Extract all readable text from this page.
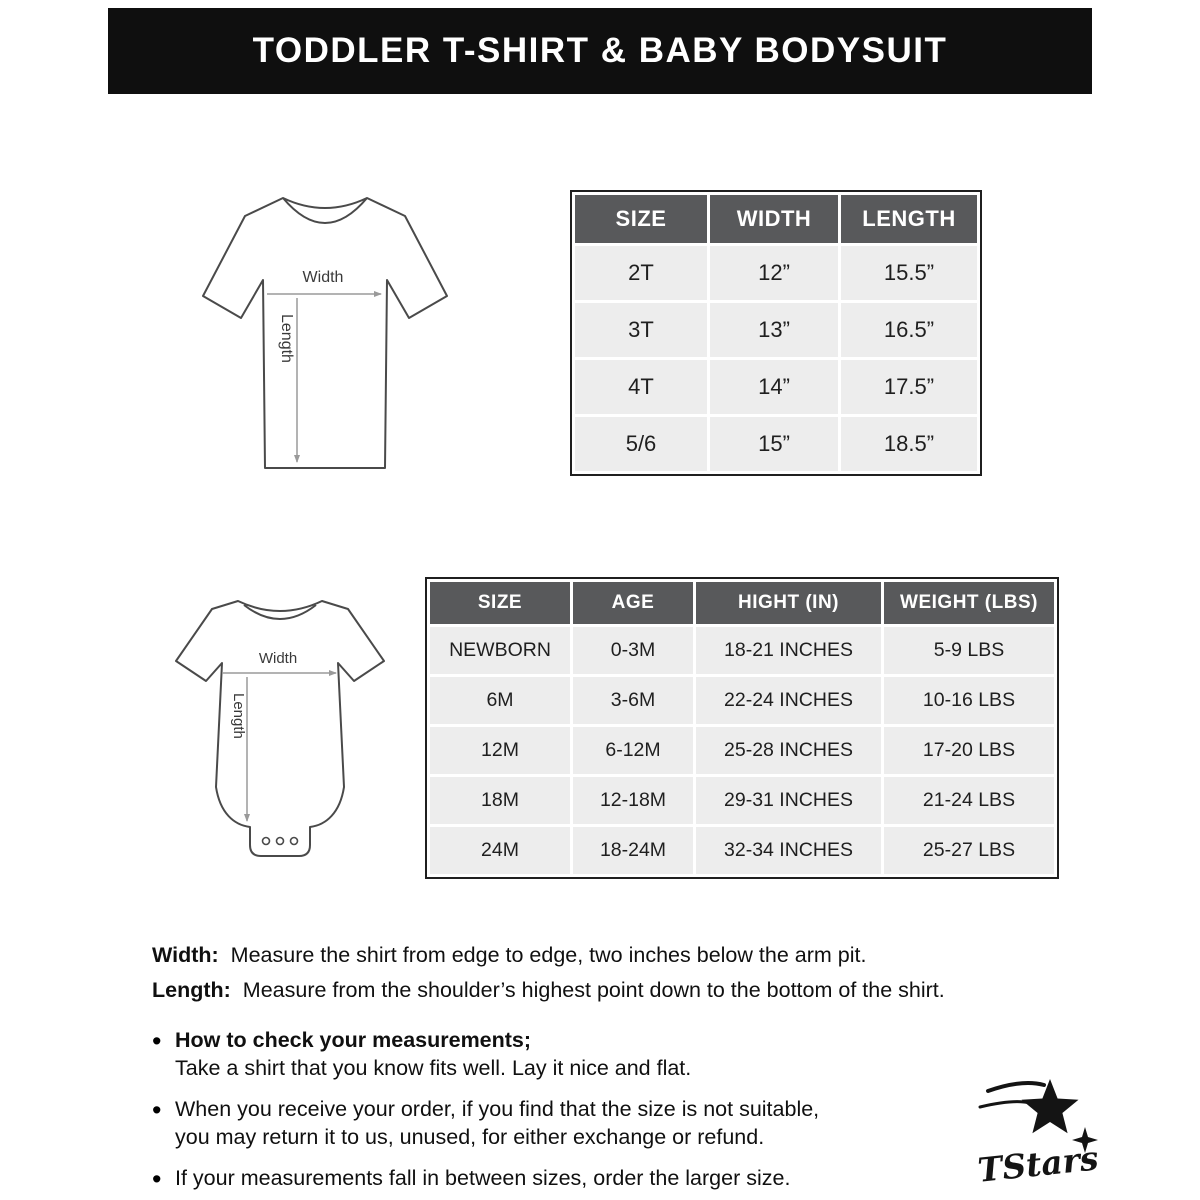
TODDLER T-SHIRT & BABY BODYSUIT
Width
Length
SIZE	WIDTH	LENGTH
2T	12”	15.5”
3T	13”	16.5”
4T	14”	17.5”
5/6	15”	18.5”
Width
Length
SIZE	AGE	HIGHT (IN)	WEIGHT (LBS)
NEWBORN	0-3M	18-21 INCHES	5-9 LBS
6M	3-6M	22-24 INCHES	10-16 LBS
12M	6-12M	25-28 INCHES	17-20 LBS
18M	12-18M	29-31 INCHES	21-24 LBS
24M	18-24M	32-34 INCHES	25-27 LBS

Width: Measure the shirt from edge to edge, two inches below the arm pit.

Length: Measure from the shoulder’s highest point down to the bottom of the shirt.

• How to check your measurements;
Take a shirt that you know fits well. Lay it nice and flat.
• When you receive your order, if you find that the size is not suitable,
you may return it to us, unused, for either exchange or refund.
• If your measurements fall in between sizes, order the larger size.	TStars
